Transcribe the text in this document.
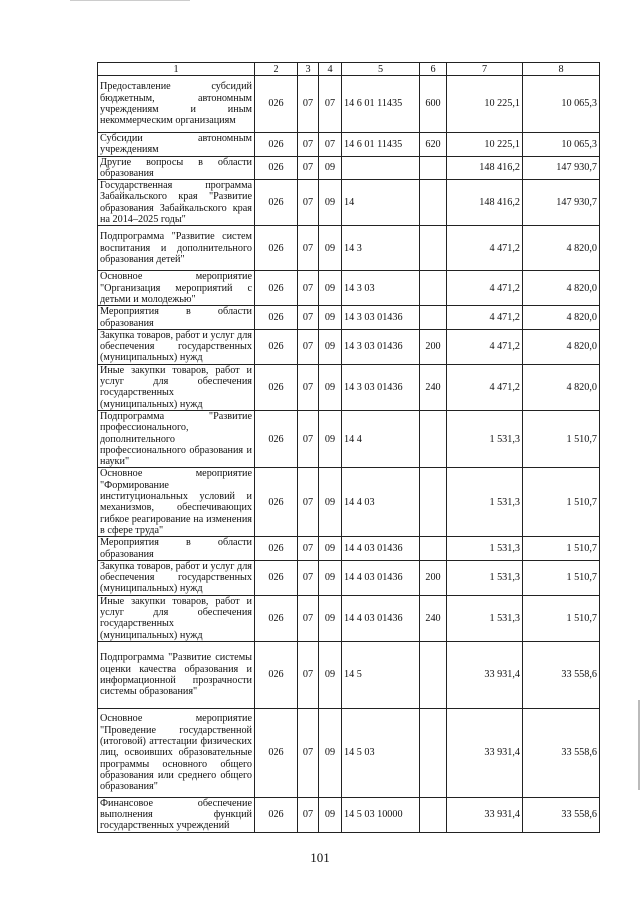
1	2	3	4	5	6	7	8
Предоставление субсидий бюджетным, автономным учреждениям и иным некоммерческим организациям	026	07	07	14 6 01 11435	600	10 225,1	10 065,3
Субсидии автономным учреждениям	026	07	07	14 6 01 11435	620	10 225,1	10 065,3
Другие вопросы в области образования	026	07	09			148 416,2	147 930,7
Государственная программа Забайкальского края "Развитие образования Забайкальского края на 2014–2025 годы"	026	07	09	14		148 416,2	147 930,7
Подпрограмма "Развитие систем воспитания и дополнительного образования детей"	026	07	09	14 3		4 471,2	4 820,0
Основное мероприятие "Организация мероприятий с детьми и молодежью"	026	07	09	14 3 03		4 471,2	4 820,0
Мероприятия в области образования	026	07	09	14 3 03 01436		4 471,2	4 820,0
Закупка товаров, работ и услуг для обеспечения государственных (муниципальных) нужд	026	07	09	14 3 03 01436	200	4 471,2	4 820,0
Иные закупки товаров, работ и услуг для обеспечения государственных (муниципальных) нужд	026	07	09	14 3 03 01436	240	4 471,2	4 820,0
Подпрограмма "Развитие профессионального, дополнительного профессионального образования и науки"	026	07	09	14 4		1 531,3	1 510,7
Основное мероприятие "Формирование институциональных условий и механизмов, обеспечивающих гибкое реагирование на изменения в сфере труда"	026	07	09	14 4 03		1 531,3	1 510,7
Мероприятия в области образования	026	07	09	14 4 03 01436		1 531,3	1 510,7
Закупка товаров, работ и услуг для обеспечения государственных (муниципальных) нужд	026	07	09	14 4 03 01436	200	1 531,3	1 510,7
Иные закупки товаров, работ и услуг для обеспечения государственных (муниципальных) нужд	026	07	09	14 4 03 01436	240	1 531,3	1 510,7
Подпрограмма "Развитие системы оценки качества образования и информационной прозрачности системы образования"	026	07	09	14 5		33 931,4	33 558,6
Основное мероприятие "Проведение государственной (итоговой) аттестации физических лиц, освоивших образовательные программы основного общего образования или среднего общего образования"	026	07	09	14 5 03		33 931,4	33 558,6
Финансовое обеспечение выполнения функций государственных учреждений	026	07	09	14 5 03 10000		33 931,4	33 558,6
101
